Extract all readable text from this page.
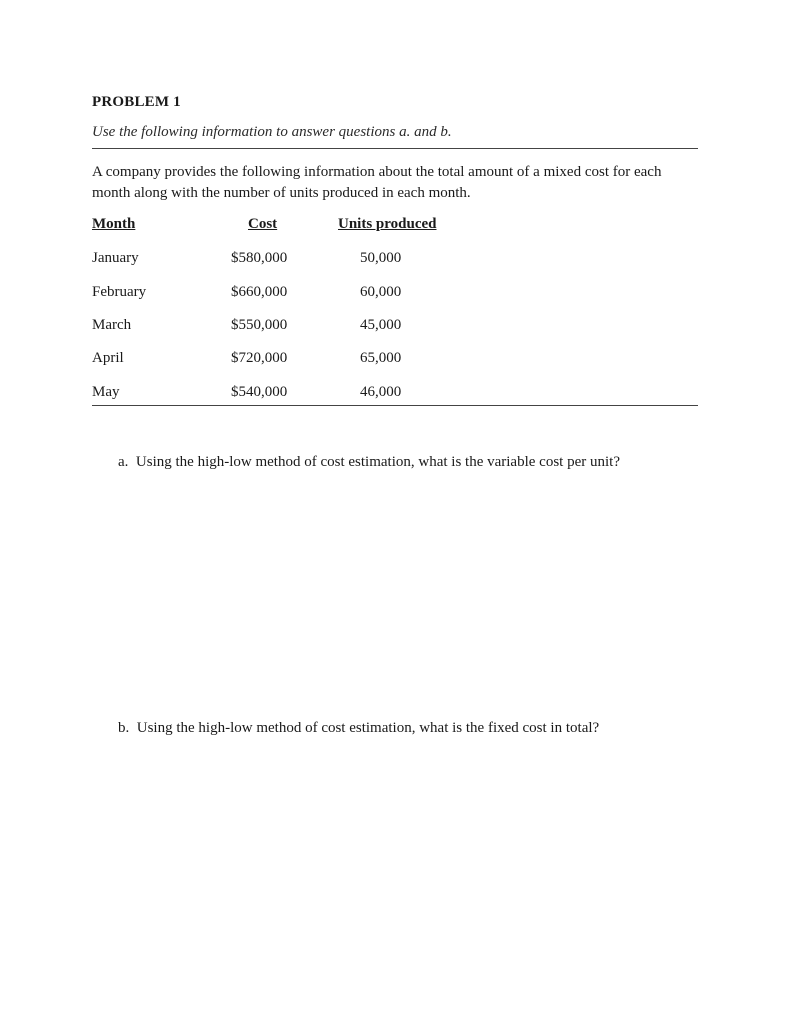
PROBLEM 1
Use the following information to answer questions a. and b.
A company provides the following information about the total amount of a mixed cost for each month along with the number of units produced in each month.
Month	Cost	Units produced
January	$580,000	50,000
February	$660,000	60,000
March	$550,000	45,000
April	$720,000	65,000
May	$540,000	46,000
a.  Using the high-low method of cost estimation, what is the variable cost per unit?
b.  Using the high-low method of cost estimation, what is the fixed cost in total?
